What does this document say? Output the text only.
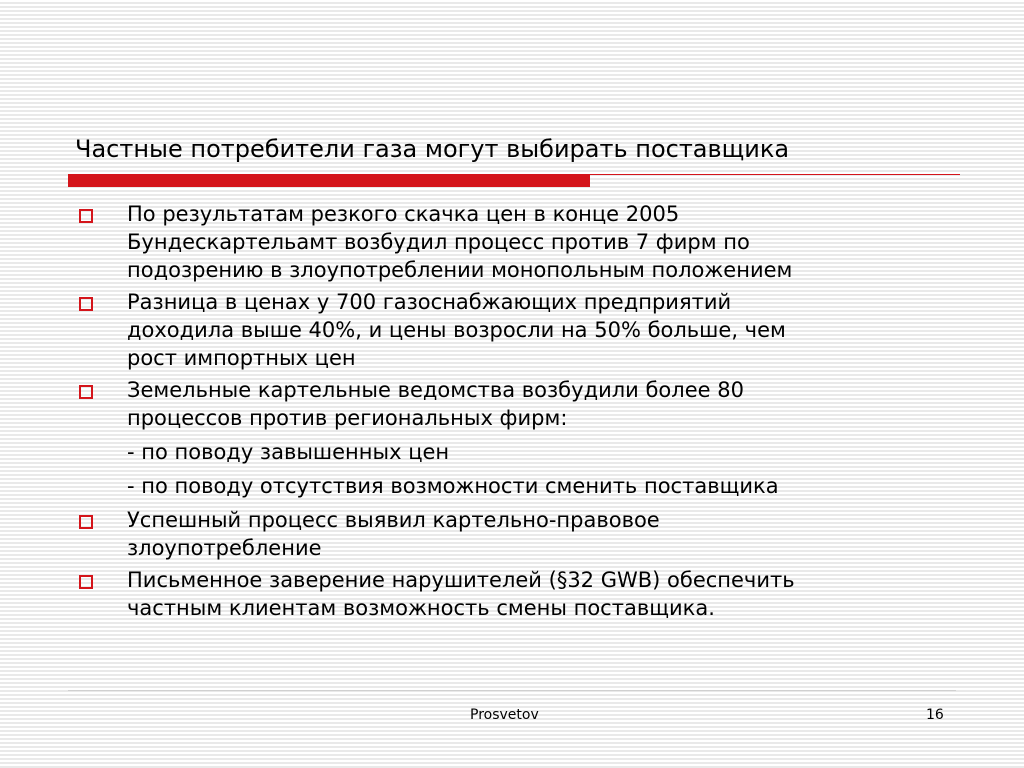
Частные потребители газа могут выбирать поставщика
По результатам резкого скачка цен в конце 2005
Бундескартельамт возбудил процесс против 7 фирм по
подозрению в злоупотреблении монопольным положением
Разница в ценах у 700 газоснабжающих предприятий
доходила выше 40%, и цены возросли на 50% больше, чем
рост импортных цен
Земельные картельные ведомства возбудили более 80
процессов против региональных фирм:
- по поводу завышенных цен
- по поводу отсутствия возможности сменить поставщика
Успешный процесс выявил картельно-правовое
злоупотребление
Письменное заверение нарушителей (§32 GWB) обеспечить
частным клиентам возможность смены поставщика.
Prosvetov	16
